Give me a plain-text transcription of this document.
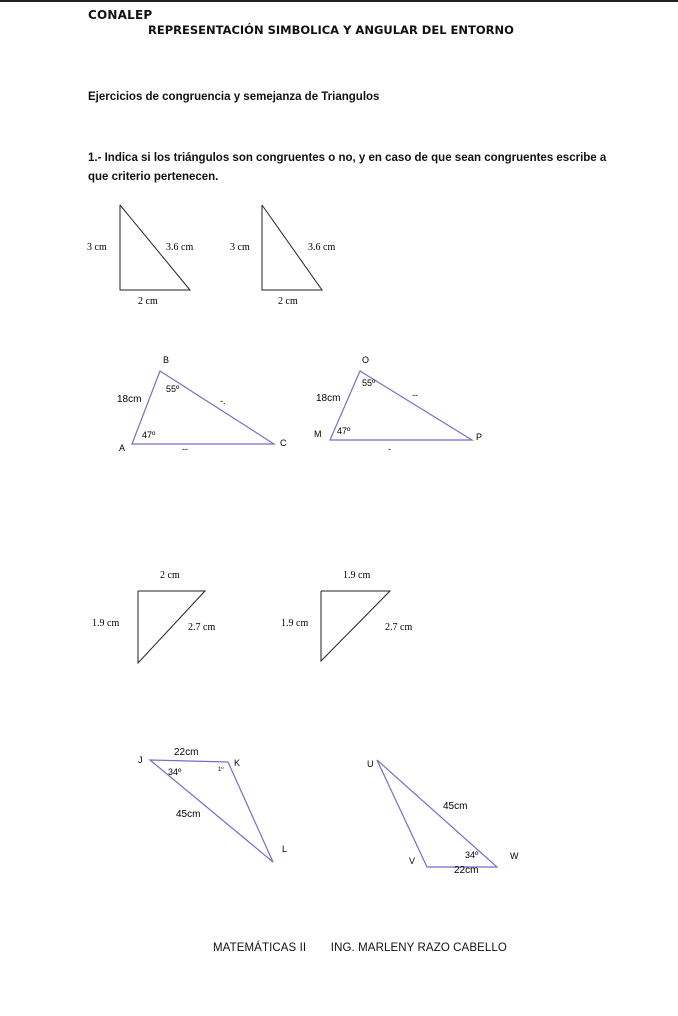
CONALEP
REPRESENTACIÓN SIMBOLICA Y ANGULAR DEL ENTORNO
Ejercicios de congruencia y semejanza de Triangulos
1.- Indica si los triángulos son congruentes o no, y en caso de que sean congruentes escribe a
que criterio pertenecen.
3 cm	3.6 cm
2 cm
3 cm	3.6 cm
2 cm
B
A	C
18cm
55º
47º
-.
--
O
M	P
18cm
55º
47º
--
-
2 cm
1.9 cm	2.7 cm
1.9 cm
1.9 cm	2.7 cm
J	K
L
22cm
34º	1º
45cm
U
V	W
22cm
34º
45cm
MATEMÁTICAS II ING. MARLENY RAZO CABELLO
